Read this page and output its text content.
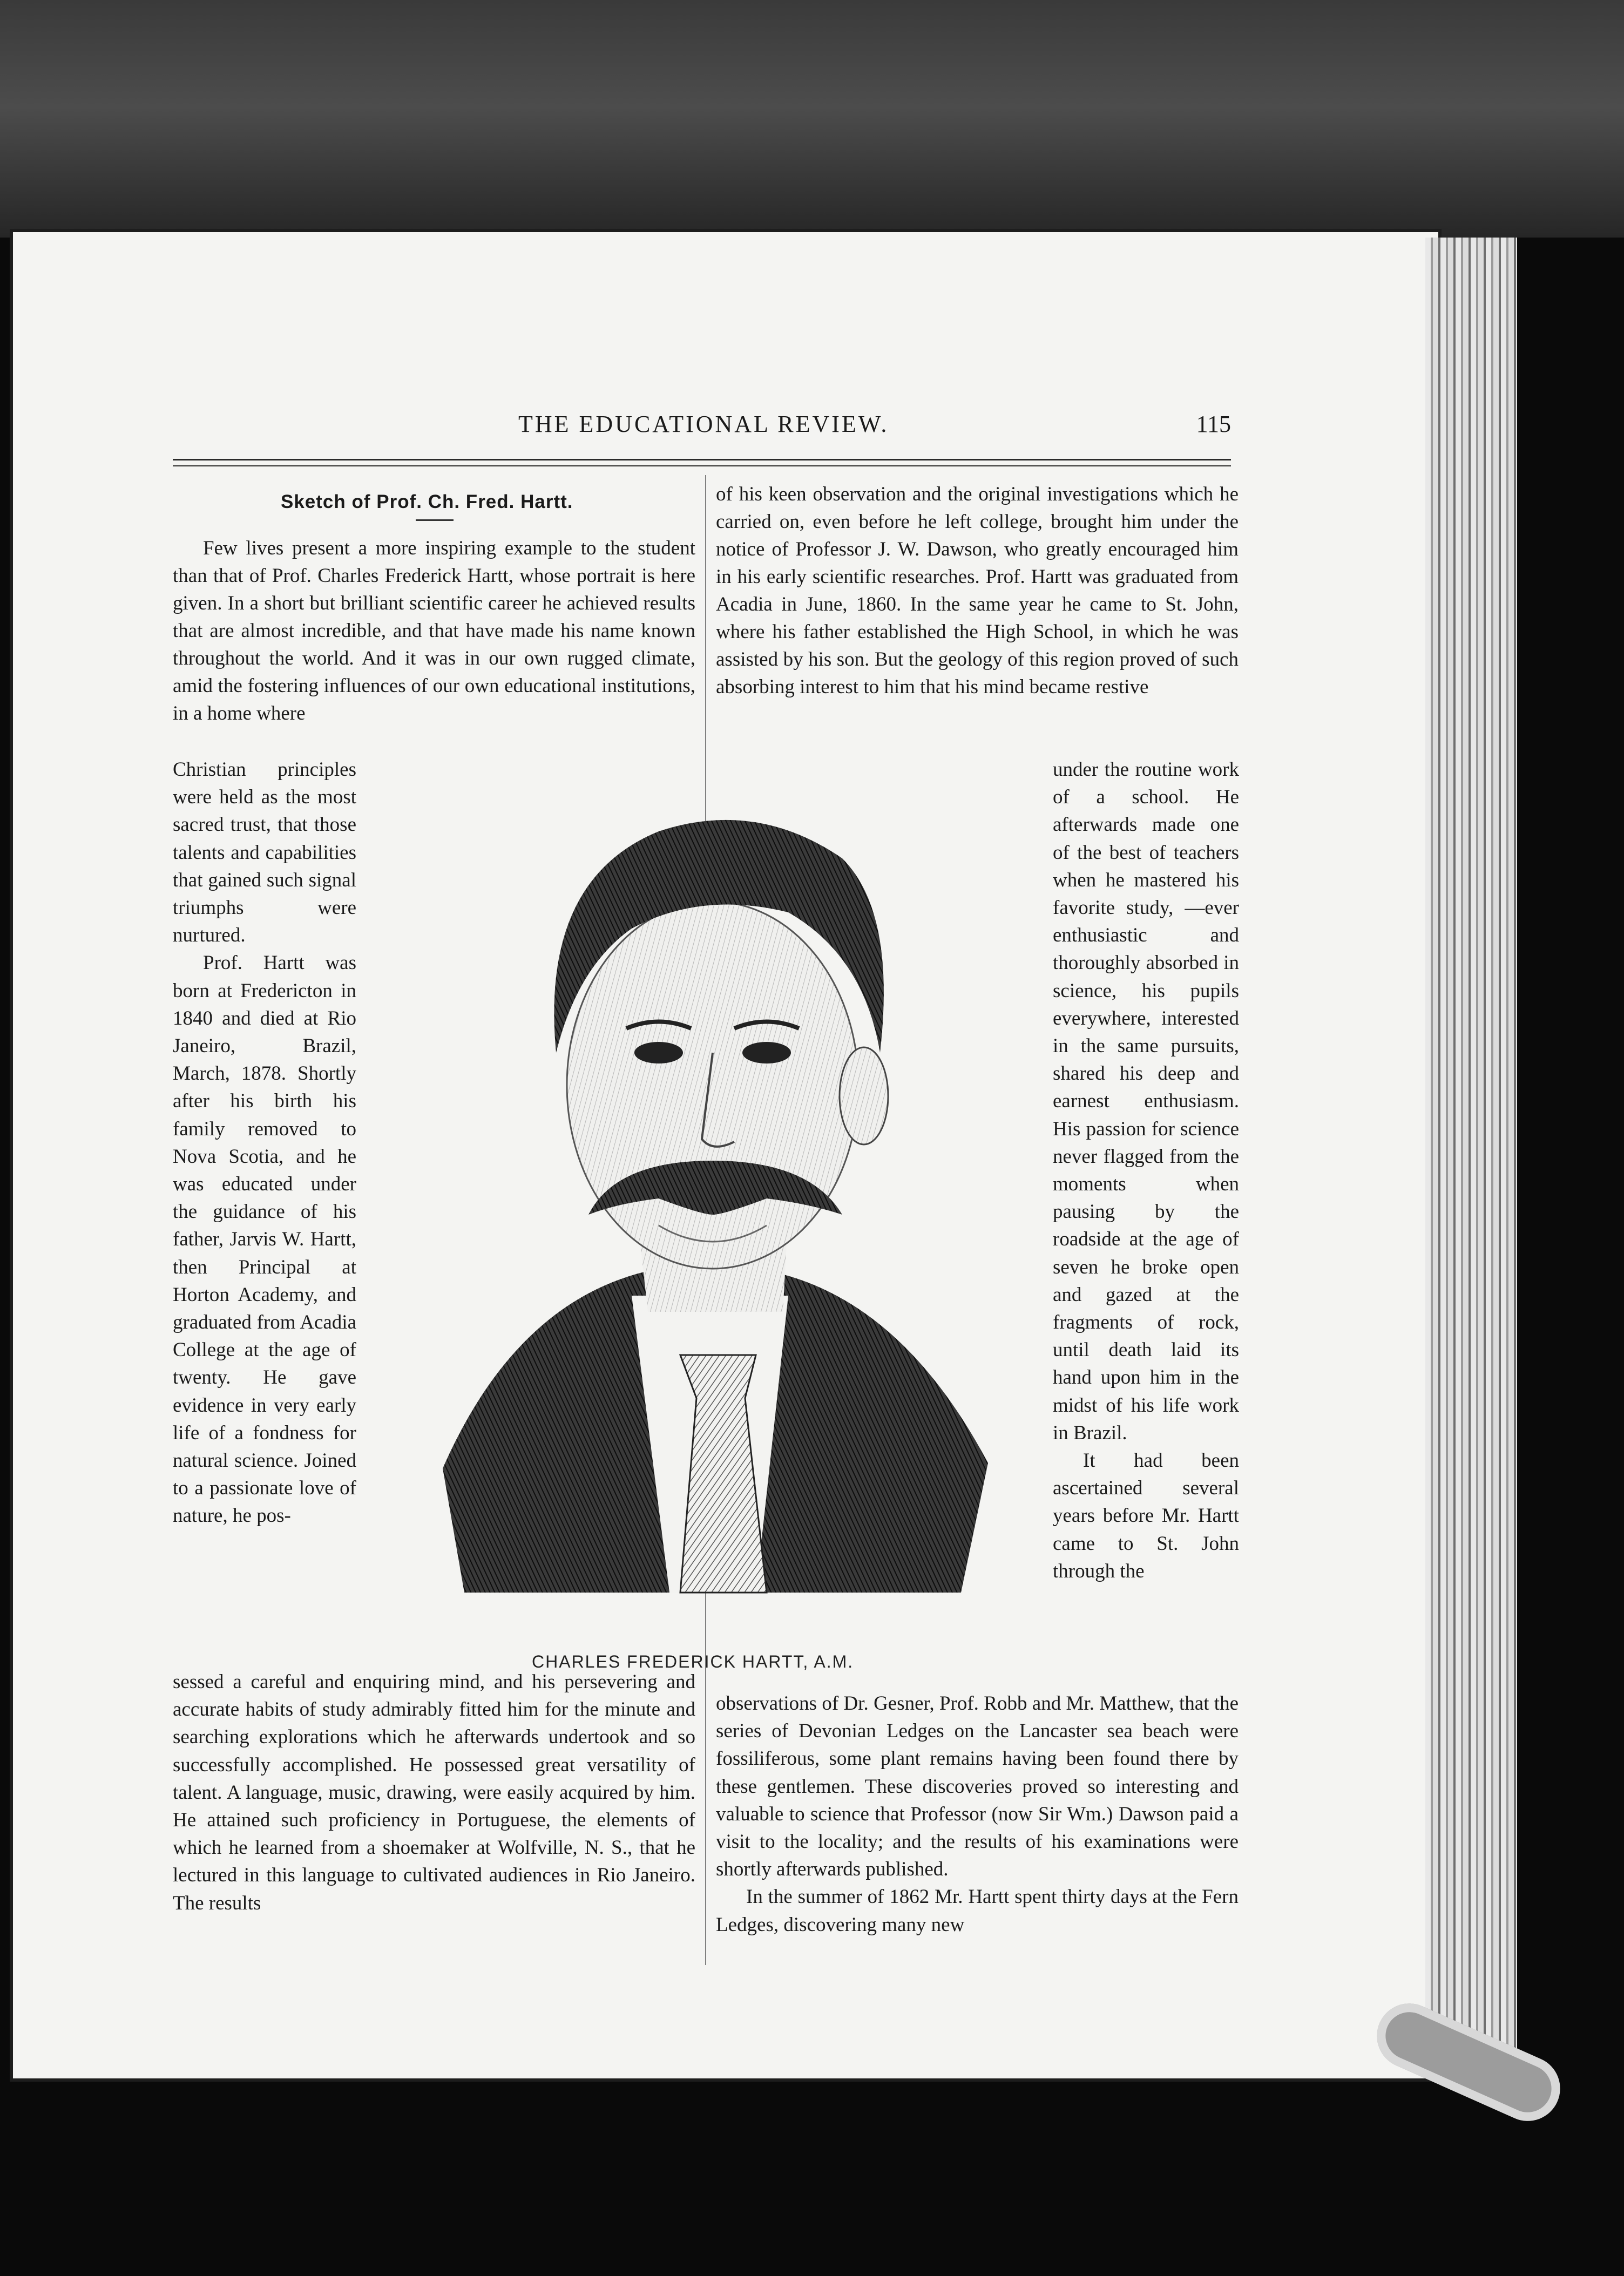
THE EDUCATIONAL REVIEW.	115
Sketch of Prof. Ch. Fred. Hartt.

Few lives present a more inspiring example to the student than that of Prof. Charles Frederick Hartt, whose portrait is here given. In a short but brilliant scientific career he achieved results that are almost incredible, and that have made his name known throughout the world. And it was in our own rugged climate, amid the fostering influences of our own educational institutions, in a home where

Christian principles were held as the most sacred trust, that those talents and capabilities that gained such signal triumphs were nurtured.

Prof. Hartt was born at Fredericton in 1840 and died at Rio Janeiro, Brazil, March, 1878. Shortly after his birth his family removed to Nova Scotia, and he was educated under the guidance of his father, Jarvis W. Hartt, then Principal at Horton Academy, and graduated from Acadia College at the age of twenty. He gave evidence in very early life of a fondness for natural science. Joined to a passionate love of nature, he pos-

of his keen observation and the original investigations which he carried on, even before he left college, brought him under the notice of Professor J. W. Dawson, who greatly encouraged him in his early scientific researches. Prof. Hartt was graduated from Acadia in June, 1860. In the same year he came to St. John, where his father established the High School, in which he was assisted by his son. But the geology of this region proved of such absorbing interest to him that his mind became restive

CHARLES FREDERICK HARTT, A.M.

under the routine work of a school. He afterwards made one of the best of teachers when he mastered his favorite study, —ever enthusiastic and thoroughly absorbed in science, his pupils everywhere, interested in the same pursuits, shared his deep and earnest enthusiasm. His passion for science never flagged from the moments when pausing by the roadside at the age of seven he broke open and gazed at the fragments of rock, until death laid its hand upon him in the midst of his life work in Brazil.

It had been ascertained several years before Mr. Hartt came to St. John through the

sessed a careful and enquiring mind, and his persevering and accurate habits of study admirably fitted him for the minute and searching explorations which he afterwards undertook and so successfully accomplished. He possessed great versatility of talent. A language, music, drawing, were easily acquired by him. He attained such proficiency in Portuguese, the elements of which he learned from a shoemaker at Wolfville, N. S., that he lectured in this language to cultivated audiences in Rio Janeiro. The results

observations of Dr. Gesner, Prof. Robb and Mr. Matthew, that the series of Devonian Ledges on the Lancaster sea beach were fossiliferous, some plant remains having been found there by these gentlemen. These discoveries proved so interesting and valuable to science that Professor (now Sir Wm.) Dawson paid a visit to the locality; and the results of his examinations were shortly afterwards published.

In the summer of 1862 Mr. Hartt spent thirty days at the Fern Ledges, discovering many new
